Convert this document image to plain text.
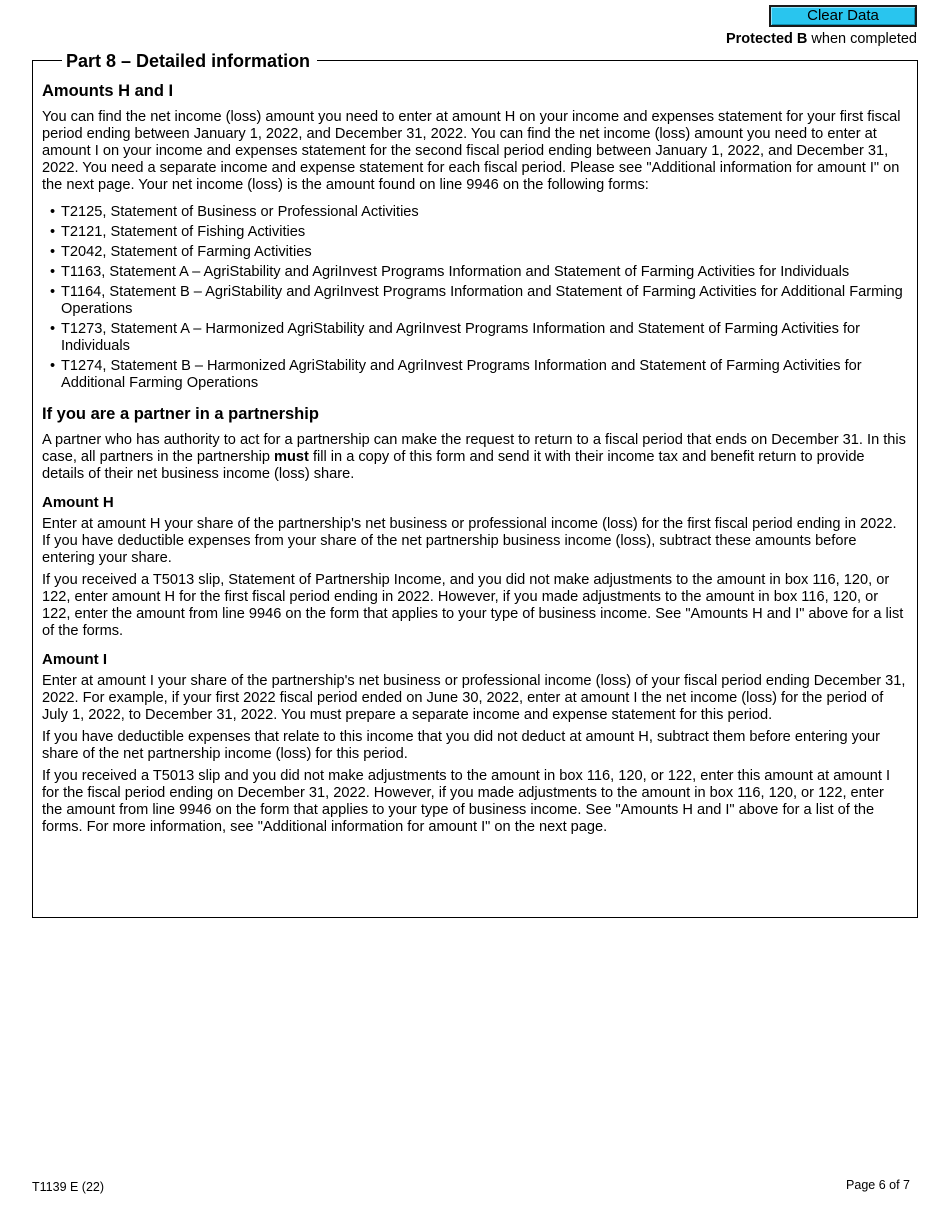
Clear Data
Protected B when completed
Part 8 – Detailed information
Amounts H and I

You can find the net income (loss) amount you need to enter at amount H on your income and expenses statement for your first fiscal period ending between January 1, 2022, and December 31, 2022. You can find the net income (loss) amount you need to enter at amount I on your income and expenses statement for the second fiscal period ending between January 1, 2022, and December 31, 2022. You need a separate income and expense statement for each fiscal period. Please see "Additional information for amount I" on the next page. Your net income (loss) is the amount found on line 9946 on the following forms:

• T2125, Statement of Business or Professional Activities
• T2121, Statement of Fishing Activities
• T2042, Statement of Farming Activities
• T1163, Statement A – AgriStability and AgriInvest Programs Information and Statement of Farming Activities for Individuals
• T1164, Statement B – AgriStability and AgriInvest Programs Information and Statement of Farming Activities for Additional Farming Operations
• T1273, Statement A – Harmonized AgriStability and AgriInvest Programs Information and Statement of Farming Activities for Individuals
• T1274, Statement B – Harmonized AgriStability and AgriInvest Programs Information and Statement of Farming Activities for Additional Farming Operations
If you are a partner in a partnership

A partner who has authority to act for a partnership can make the request to return to a fiscal period that ends on December 31. In this case, all partners in the partnership must fill in a copy of this form and send it with their income tax and benefit return to provide details of their net business income (loss) share.

Amount H

Enter at amount H your share of the partnership's net business or professional income (loss) for the first fiscal period ending in 2022. If you have deductible expenses from your share of the net partnership business income (loss), subtract these amounts before entering your share.

If you received a T5013 slip, Statement of Partnership Income, and you did not make adjustments to the amount in box 116, 120, or 122, enter amount H for the first fiscal period ending in 2022. However, if you made adjustments to the amount in box 116, 120, or 122, enter the amount from line 9946 on the form that applies to your type of business income. See "Amounts H and I" above for a list of the forms.

Amount I

Enter at amount I your share of the partnership's net business or professional income (loss) of your fiscal period ending December 31, 2022. For example, if your first 2022 fiscal period ended on June 30, 2022, enter at amount I the net income (loss) for the period of July 1, 2022, to December 31, 2022. You must prepare a separate income and expense statement for this period.

If you have deductible expenses that relate to this income that you did not deduct at amount H, subtract them before entering your share of the net partnership income (loss) for this period.

If you received a T5013 slip and you did not make adjustments to the amount in box 116, 120, or 122, enter this amount at amount I for the fiscal period ending on December 31, 2022. However, if you made adjustments to the amount in box 116, 120, or 122, enter the amount from line 9946 on the form that applies to your type of business income. See "Amounts H and I" above for a list of the forms. For more information, see "Additional information for amount I" on the next page.

T1139 E (22)	Page 6 of 7
